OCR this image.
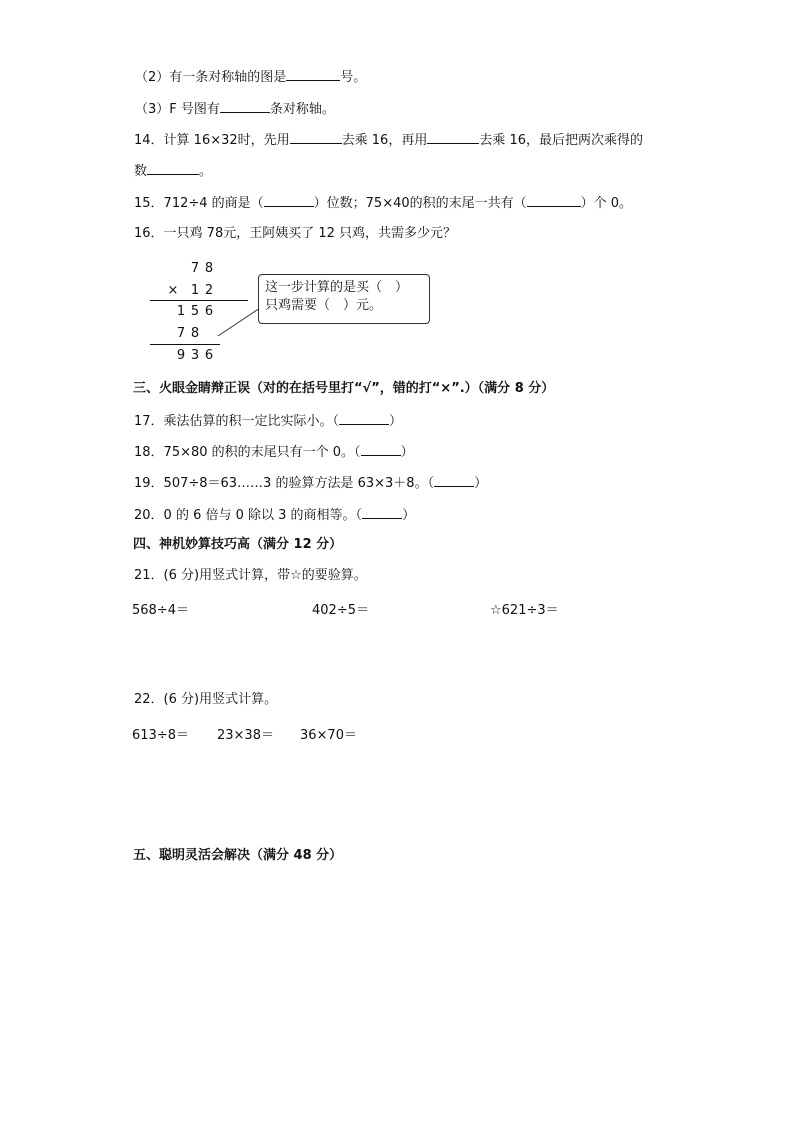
（2）有一条对称轴的图是	号。
（3）F 号图有	条对称轴。
14．计算 16×32时，先用	去乘 16，再用	去乘 16，最后把两次乘得的
数	。
15．712÷4 的商是（	）位数；75×40的积的末尾一共有（	）个 0。
16．一只鸡 78元，王阿姨买了 12 只鸡，共需多少元？
7 8
× 1 2
1 5 6
7 8
9 3 6
这一步计算的是买（　）
只鸡需要（　）元。
三、火眼金睛辩正误（对的在括号里打“√”，错的打“×”.）（满分 8 分）
17．乘法估算的积一定比实际小。（	）
18．75×80 的积的末尾只有一个 0。（	）
19．507÷8＝63……3 的验算方法是 63×3＋8。（	）
20．0 的 6 倍与 0 除以 3 的商相等。（	）
四、神机妙算技巧高（满分 12 分）
21．(6 分)用竖式计算，带☆的要验算。
568÷4＝	402÷5＝	☆621÷3＝
22．(6 分)用竖式计算。
613÷8＝ 23×38＝ 36×70＝
五、聪明灵活会解决（满分 48 分）
